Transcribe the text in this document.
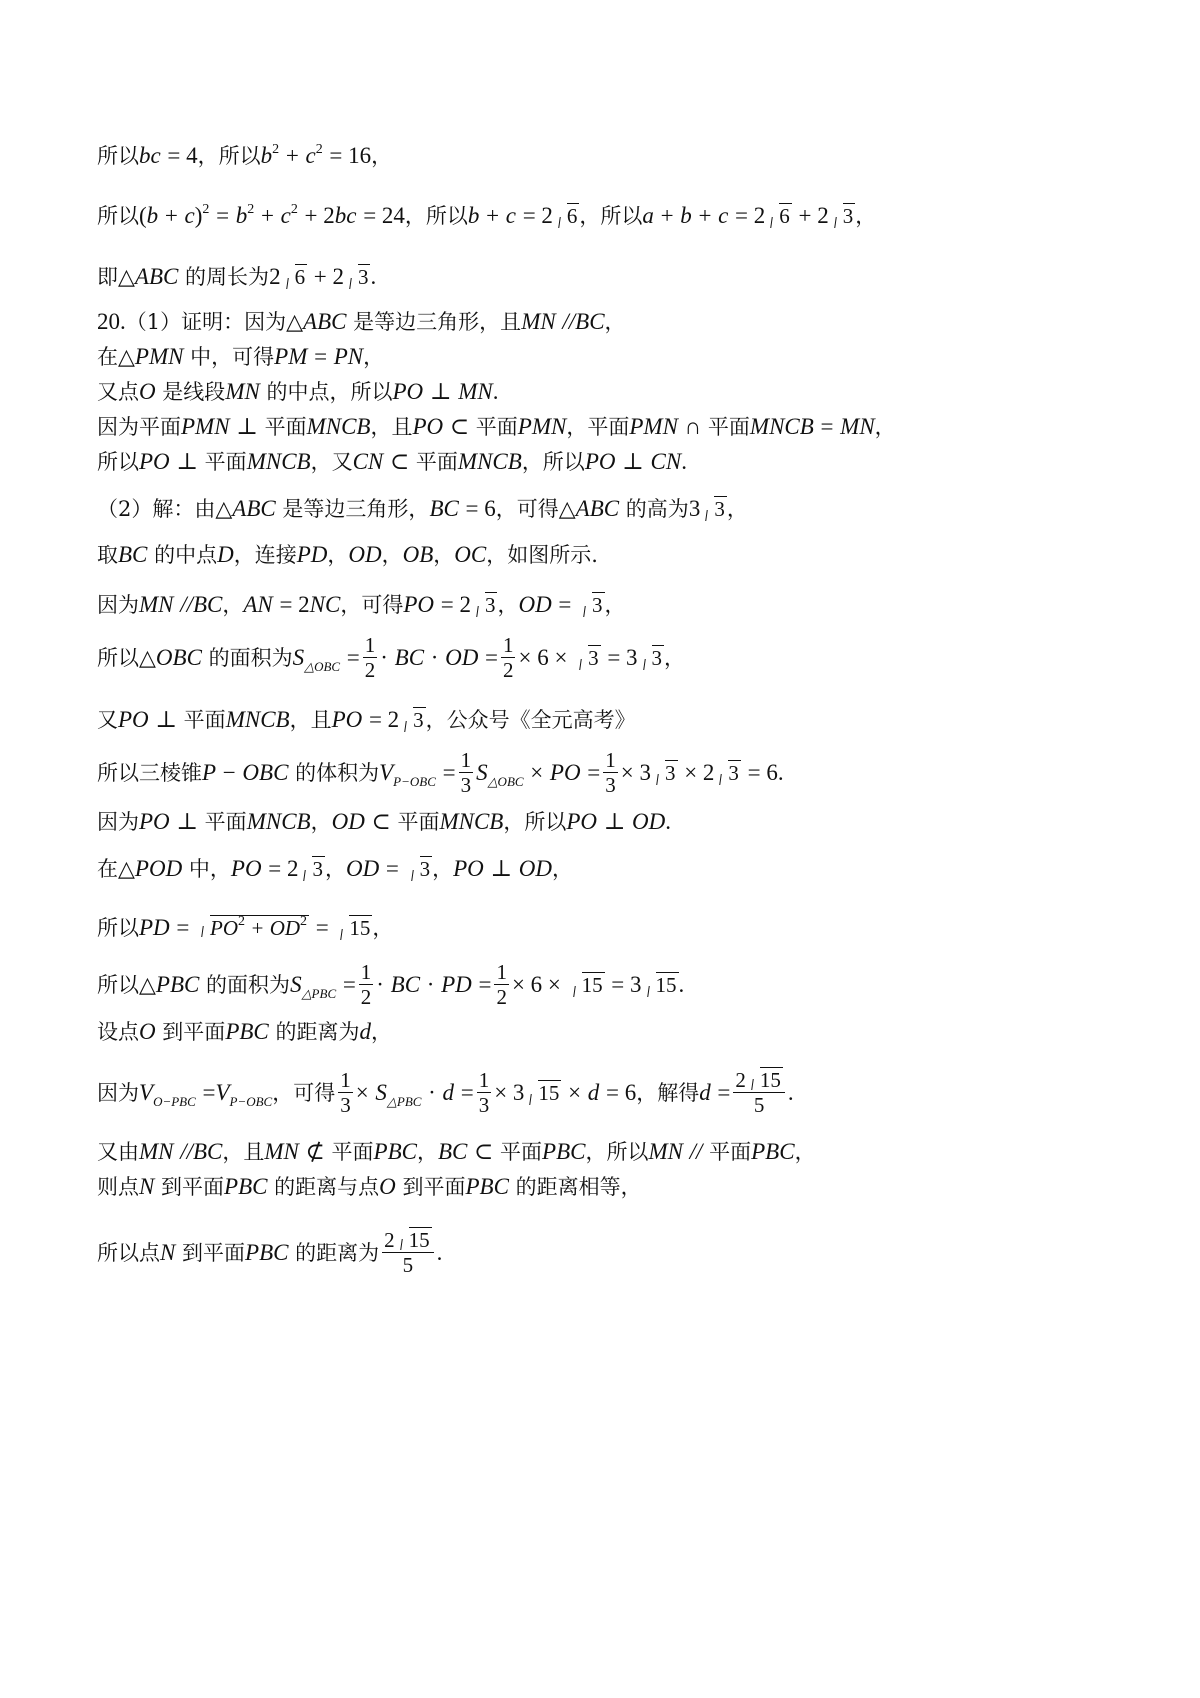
所以bc = 4，所以$b^2 + c^2 = 16$，
所以$(b + c)^2 = b^2 + c^2 + 2bc = 24$，所以b + c = 2 6，所以a + b + c = 2 6 + 2 3，
即△ABC 的周长为2 6 + 2 3.
20.（1）证明：因为△ABC 是等边三角形，且MN //BC，
在△PMN 中，可得PM = PN，
又点O 是线段MN 的中点，所以PO ⊥ MN.
因为平面PMN ⊥ 平面MNCB，且PO ⊂ 平面PMN，平面PMN ∩ 平面MNCB = MN，
所以PO ⊥ 平面MNCB，又CN ⊂ 平面MNCB，所以PO ⊥ CN.
（2）解：由△ABC 是等边三角形，BC = 6，可得△ABC 的高为3 3，
取BC 的中点D，连接PD，OD，OB，OC，如图所示.
因为MN //BC，AN = 2NC，可得PO = 2 3，OD = 3，
所以△OBC 的面积为$S_{\triangle OBC} = \frac{1}{2}$ · BC · OD = $\frac{1}{2} \times 6 \times 3 = 3$ 3，
又PO ⊥ 平面MNCB，且PO = 2 3，公众号《全元高考》
所以三棱锥P − OBC 的体积为$V_{P-OBC} = \frac{1}{3} S_{\triangle OBC}$ × PO = $\frac{1}{3} \times 3$ 3 × 2 3 = 6.
因为PO ⊥ 平面MNCB，OD ⊂ 平面MNCB，所以PO ⊥ OD.
在△POD 中，PO = 2 3，OD = 3，PO ⊥ OD，
所以PD = $PO^2 + OD^2 = 15$，
所以△PBC 的面积为$S_{\triangle PBC} = \frac{1}{2}$ · BC · PD = $\frac{1}{2} \times 6 \times 15 = 3$ 15.
设点O 到平面PBC 的距离为d，
因为$V_{O-PBC} =V_{P-OBC}$，可得 $\frac{1}{3} \times S_{\triangle PBC} \cdot d = \frac{1}{3} \times 3$ 15 × d = 6，解得$d = \frac{2 15}{5}$ .
又由MN //BC，且MN ⊄ 平面PBC，BC ⊂ 平面PBC，所以MN // 平面PBC，
则点N 到平面PBC 的距离与点O 到平面PBC 的距离相等，
所以点N 到平面PBC 的距离为 $\frac{2 15}{5}$ .
